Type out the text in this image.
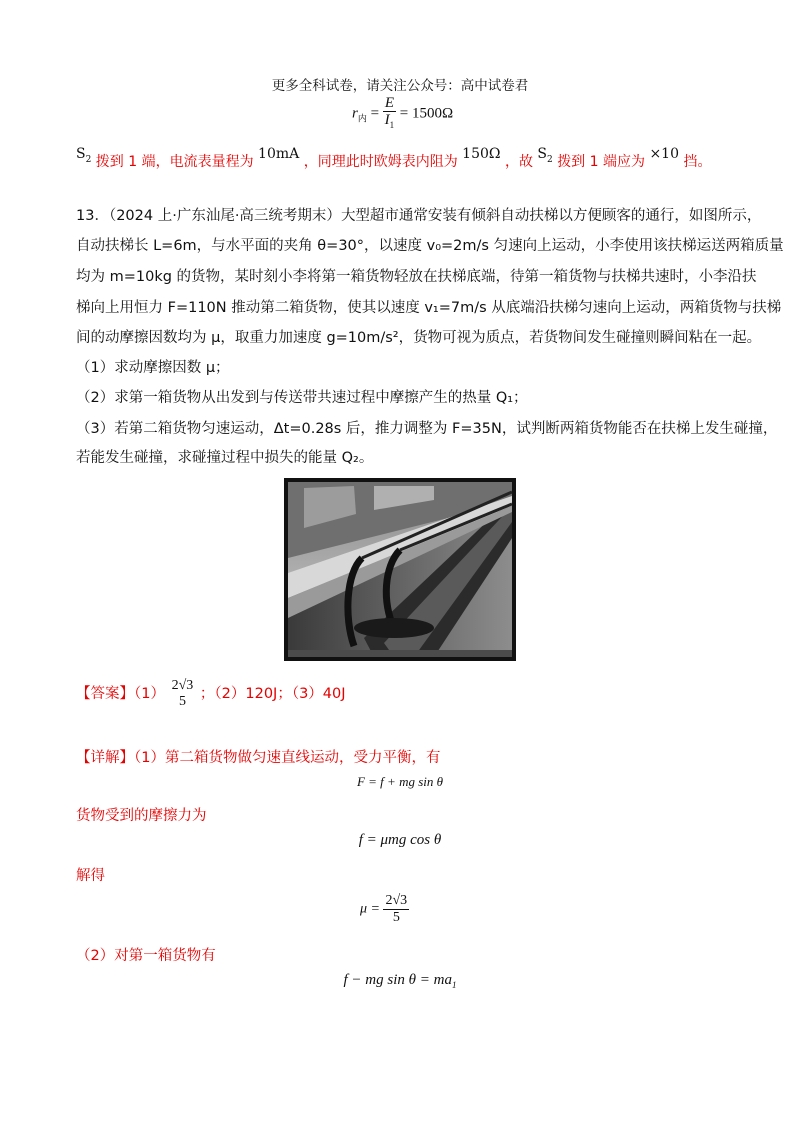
更多全科试卷，请关注公众号：高中试卷君
$r_内 = \frac{E}{I_1} = 1500\Omega$
$S_2$ 拨到 1 端，电流表量程为 10mA ，同理此时欧姆表内阻为 150Ω ，故 $S_2$ 拨到 1 端应为 ×10 挡。
13．（2024 上·广东汕尾·高三统考期末）大型超市通常安装有倾斜自动扶梯以方便顾客的通行，如图所示，
自动扶梯长 L=6m，与水平面的夹角 θ=30°，以速度 v₀=2m/s 匀速向上运动，小李使用该扶梯运送两箱质量
均为 m=10kg 的货物，某时刻小李将第一箱货物轻放在扶梯底端，待第一箱货物与扶梯共速时，小李沿扶
梯向上用恒力 F=110N 推动第二箱货物，使其以速度 v₁=7m/s 从底端沿扶梯匀速向上运动，两箱货物与扶梯
间的动摩擦因数均为 μ，取重力加速度 g=10m/s²，货物可视为质点，若货物间发生碰撞则瞬间粘在一起。
（1）求动摩擦因数 μ；
（2）求第一箱货物从出发到与传送带共速过程中摩擦产生的热量 Q₁；
（3）若第二箱货物匀速运动，Δt=0.28s 后，推力调整为 F=35N，试判断两箱货物能否在扶梯上发生碰撞，
若能发生碰撞，求碰撞过程中损失的能量 Q₂。
【答案】（1）
2√3
5 ；（2）120J；（3）40J
【详解】（1）第二箱货物做匀速直线运动，受力平衡，有
F = f + mg sin θ
货物受到的摩擦力为
f = μmg cos θ
解得
$\mu = \frac{2√3}{5}$
（2）对第一箱货物有
f − mg $\sin \theta = ma_1$
